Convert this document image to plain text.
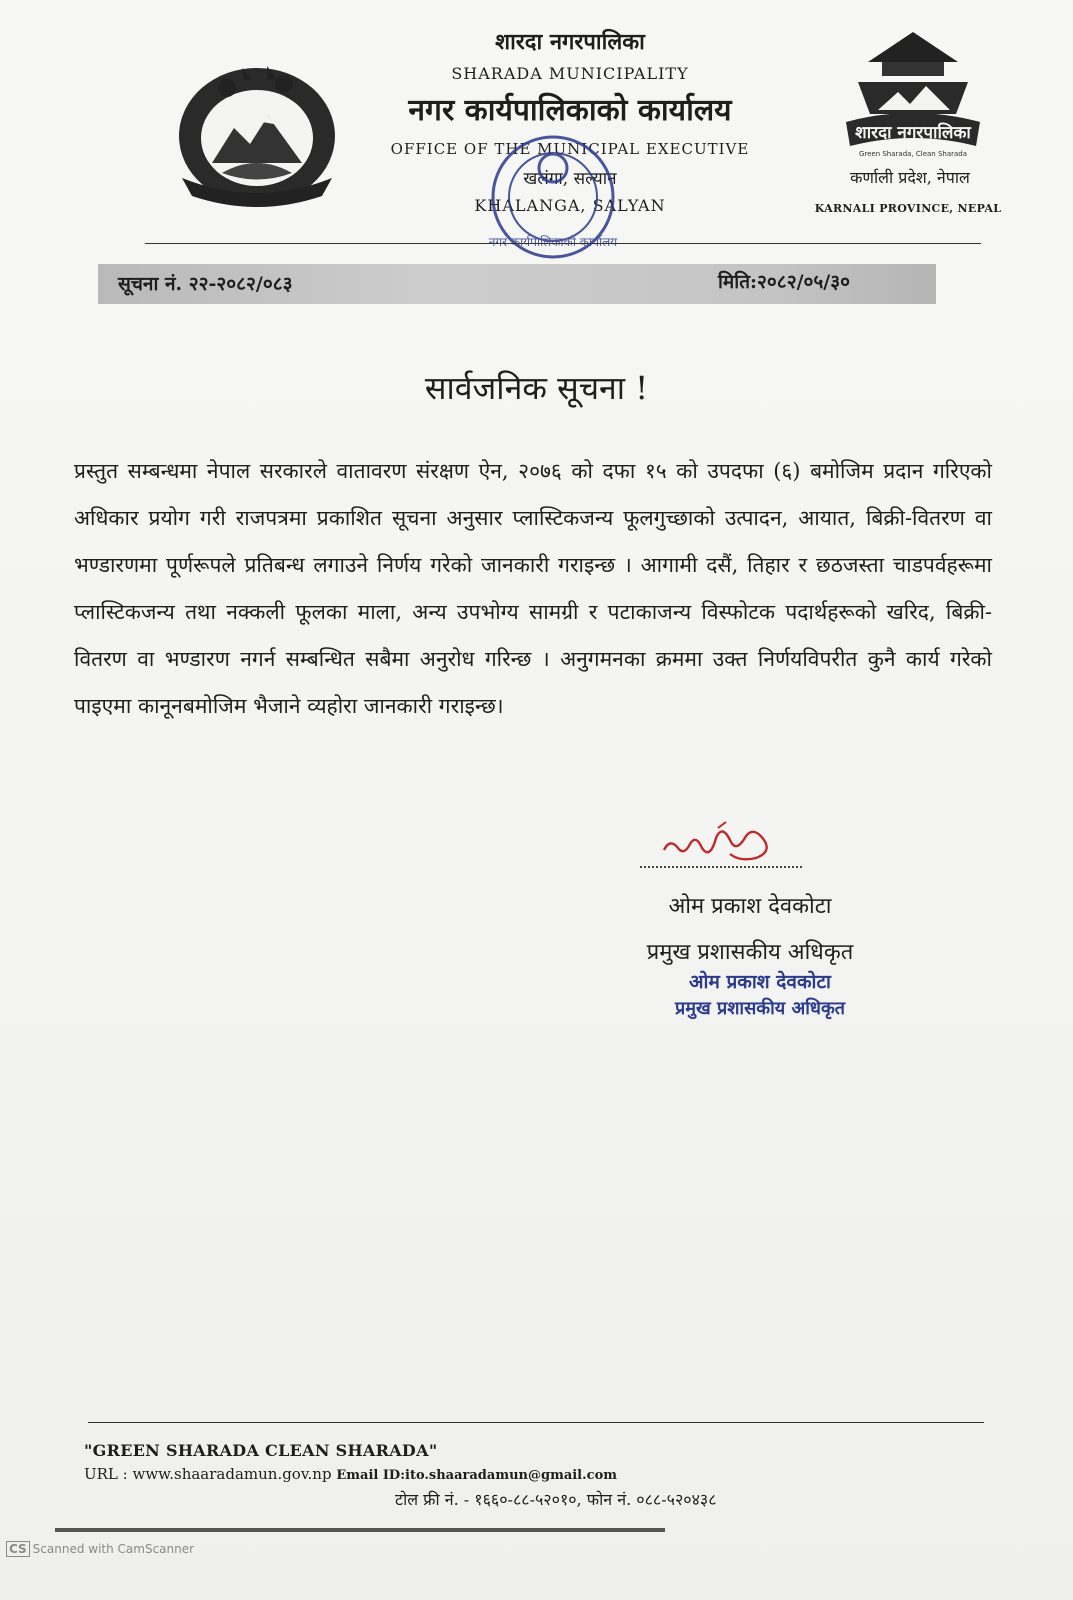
शारदा नगरपालिका
SHARADA MUNICIPALITY
नगर कार्यपालिकाको कार्यालय
OFFICE OF THE MUNICIPAL EXECUTIVE
खलंगा, सल्यान
KHALANGA, SALYAN
नगर कार्यपालिकाको कार्यालय
शारदा नगरपालिका
Green Sharada, Clean Sharada
कर्णाली प्रदेश, नेपाल
KARNALI PROVINCE, NEPAL
सूचना नं. २२-२०८२/०८३	मिति:२०८२/०५/३०
सार्वजनिक सूचना !
प्रस्तुत सम्बन्धमा नेपाल सरकारले वातावरण संरक्षण ऐन, २०७६ को दफा १५ को उपदफा (६) बमोजिम प्रदान गरिएको अधिकार प्रयोग गरी राजपत्रमा प्रकाशित सूचना अनुसार प्लास्टिकजन्य फूलगुच्छाको उत्पादन, आयात, बिक्री-वितरण वा भण्डारणमा पूर्णरूपले प्रतिबन्ध लगाउने निर्णय गरेको जानकारी गराइन्छ । आगामी दसैं, तिहार र छठजस्ता चाडपर्वहरूमा प्लास्टिकजन्य तथा नक्कली फूलका माला, अन्य उपभोग्य सामग्री र पटाकाजन्य विस्फोटक पदार्थहरूको खरिद, बिक्री-वितरण वा भण्डारण नगर्न सम्बन्धित सबैमा अनुरोध गरिन्छ । अनुगमनका क्रममा उक्त निर्णयविपरीत कुनै कार्य गरेको पाइएमा कानूनबमोजिम भैजाने व्यहोरा जानकारी गराइन्छ।
ओम प्रकाश देवकोटा
प्रमुख प्रशासकीय अधिकृत
ओम प्रकाश देवकोटा
प्रमुख प्रशासकीय अधिकृत
"GREEN SHARADA CLEAN SHARADA"
URL : www.shaaradamun.gov.np Email ID:ito.shaaradamun@gmail.com
टोल फ्री नं. - १६६०-८८-५२०१०, फोन नं. ०८८-५२०४३८
CS Scanned with CamScanner
